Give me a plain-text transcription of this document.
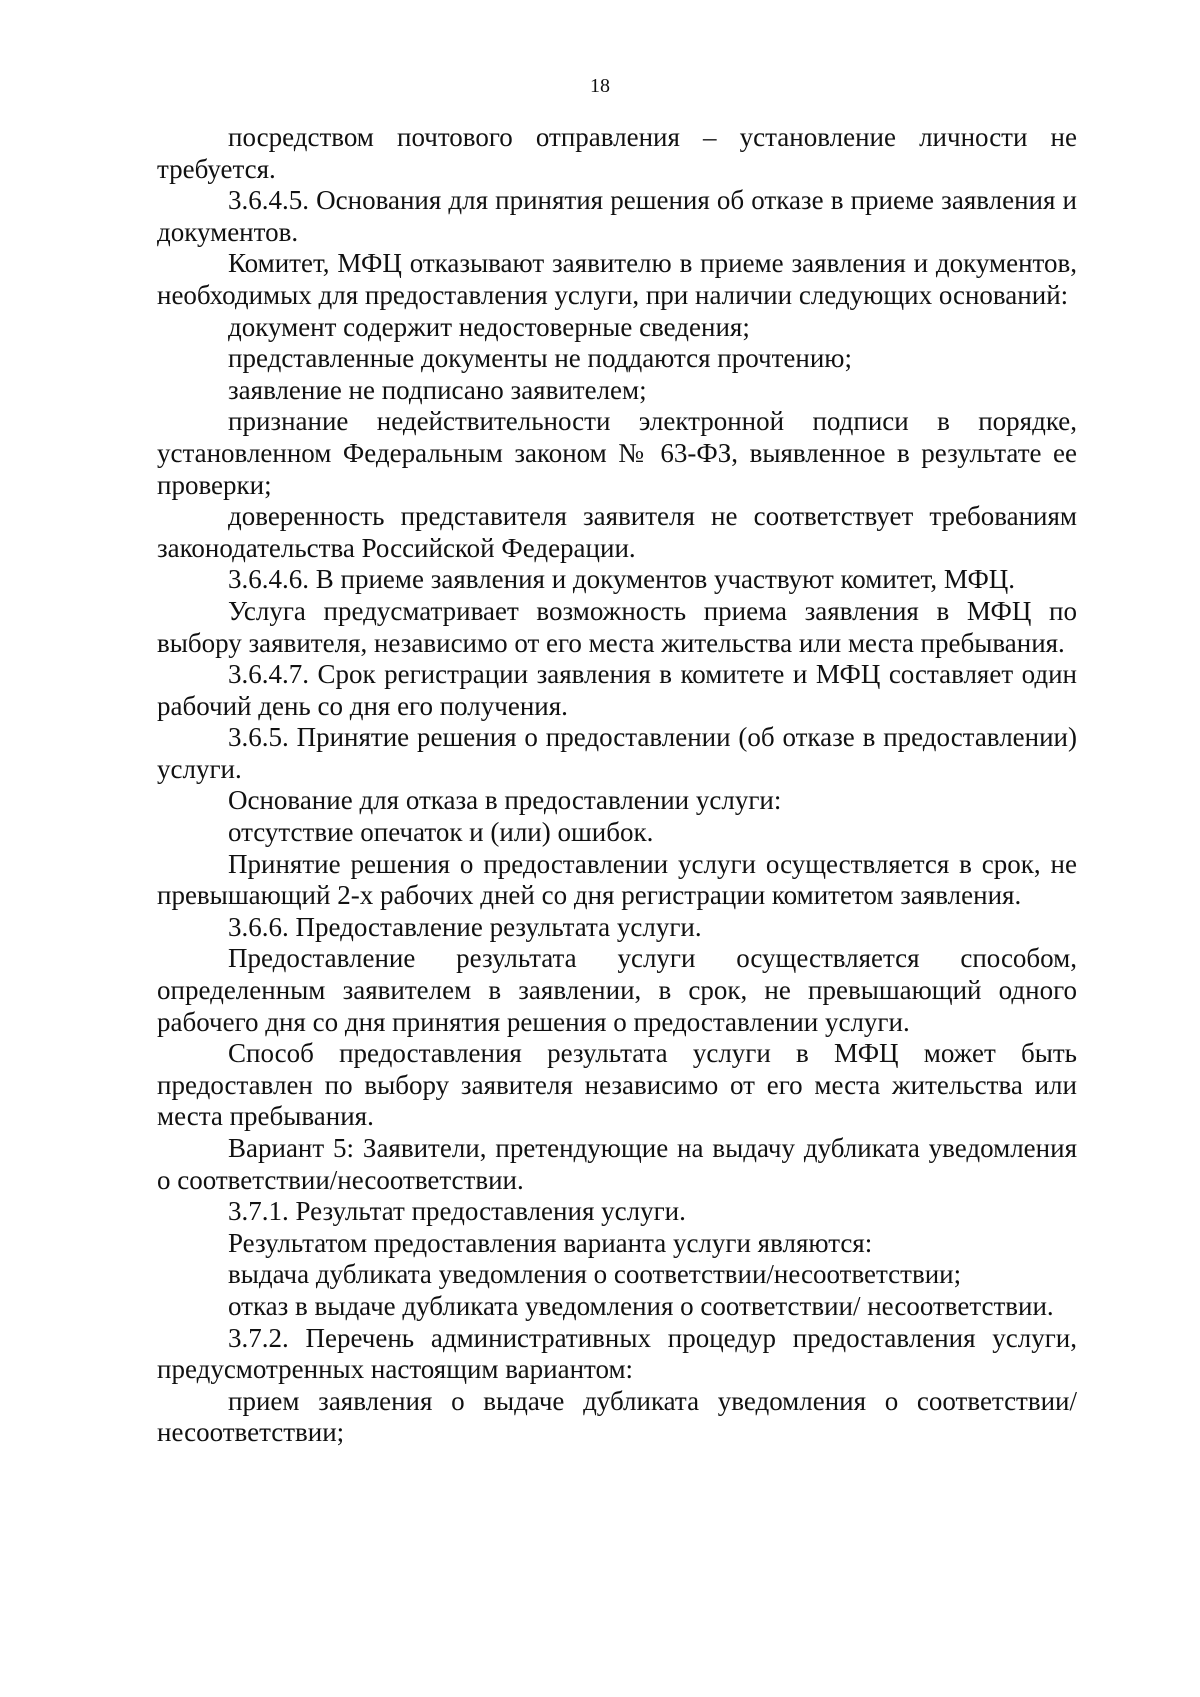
18

посредством почтового отправления – установление личности не требуется.

3.6.4.5. Основания для принятия решения об отказе в приеме заявления и документов.

Комитет, МФЦ отказывают заявителю в приеме заявления и документов, необходимых для предоставления услуги, при наличии следующих оснований:

документ содержит недостоверные сведения;

представленные документы не поддаются прочтению;

заявление не подписано заявителем;

признание недействительности электронной подписи в порядке, установленном Федеральным законом № 63-ФЗ, выявленное в результате ее проверки;

доверенность представителя заявителя не соответствует требованиям законодательства Российской Федерации.

3.6.4.6. В приеме заявления и документов участвуют комитет, МФЦ.

Услуга предусматривает возможность приема заявления в МФЦ по выбору заявителя, независимо от его места жительства или места пребывания.

3.6.4.7. Срок регистрации заявления в комитете и МФЦ составляет один рабочий день со дня его получения.

3.6.5. Принятие решения о предоставлении (об отказе в предоставлении) услуги.

Основание для отказа в предоставлении услуги:

отсутствие опечаток и (или) ошибок.

Принятие решения о предоставлении услуги осуществляется в срок, не превышающий 2-х рабочих дней со дня регистрации комитетом заявления.

3.6.6. Предоставление результата услуги.

Предоставление результата услуги осуществляется способом, определенным заявителем в заявлении, в срок, не превышающий одного рабочего дня со дня принятия решения о предоставлении услуги.

Способ предоставления результата услуги в МФЦ может быть предоставлен по выбору заявителя независимо от его места жительства или места пребывания.

Вариант 5: Заявители, претендующие на выдачу дубликата уведомления о соответствии/несоответствии.

3.7.1. Результат предоставления услуги.

Результатом предоставления варианта услуги являются:

выдача дубликата уведомления о соответствии/несоответствии;

отказ в выдаче дубликата уведомления о соответствии/ несоответствии.

3.7.2. Перечень административных процедур предоставления услуги, предусмотренных настоящим вариантом:

прием заявления о выдаче дубликата уведомления о соответствии/несоответствии;
